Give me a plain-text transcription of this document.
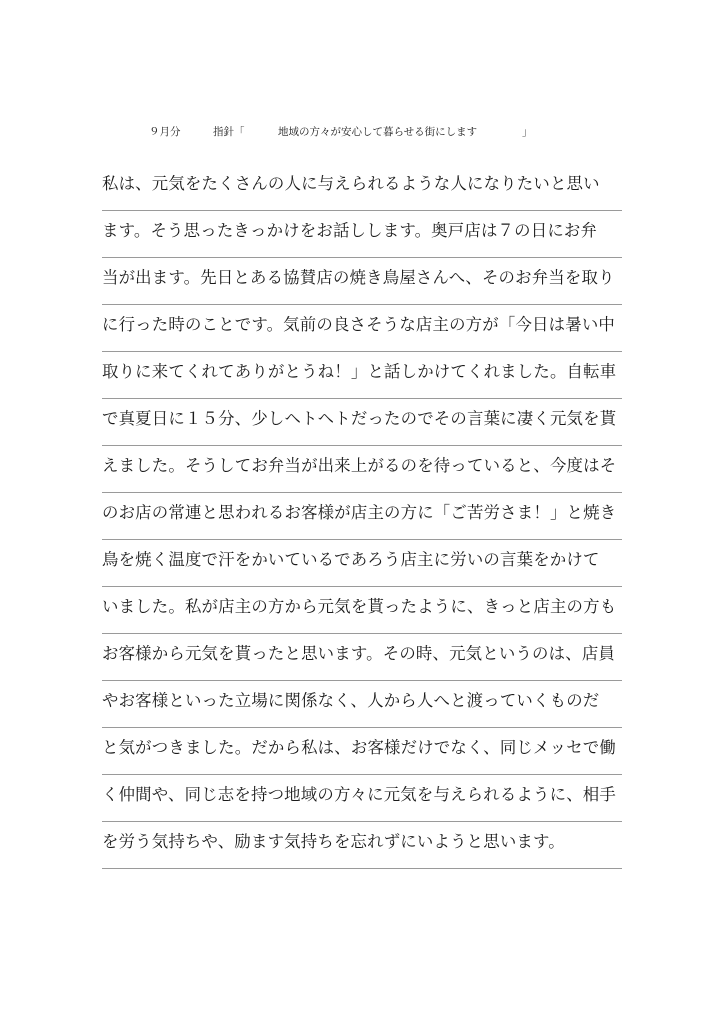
９月分	指針「	地域の方々が安心して暮らせる街にします	」
私は、元気をたくさんの人に与えられるような人になりたいと思い
ます。そう思ったきっかけをお話しします。奥戸店は７の日にお弁
当が出ます。先日とある協賛店の焼き鳥屋さんへ、そのお弁当を取り
に行った時のことです。気前の良さそうな店主の方が「今日は暑い中
取りに来てくれてありがとうね！」と話しかけてくれました。自転車
で真夏日に１５分、少しヘトヘトだったのでその言葉に凄く元気を貰
えました。そうしてお弁当が出来上がるのを待っていると、今度はそ
のお店の常連と思われるお客様が店主の方に「ご苦労さま！」と焼き
鳥を焼く温度で汗をかいているであろう店主に労いの言葉をかけて
いました。私が店主の方から元気を貰ったように、きっと店主の方も
お客様から元気を貰ったと思います。その時、元気というのは、店員
やお客様といった立場に関係なく、人から人へと渡っていくものだ
と気がつきました。だから私は、お客様だけでなく、同じメッセで働
く仲間や、同じ志を持つ地域の方々に元気を与えられるように、相手
を労う気持ちや、励ます気持ちを忘れずにいようと思います。
